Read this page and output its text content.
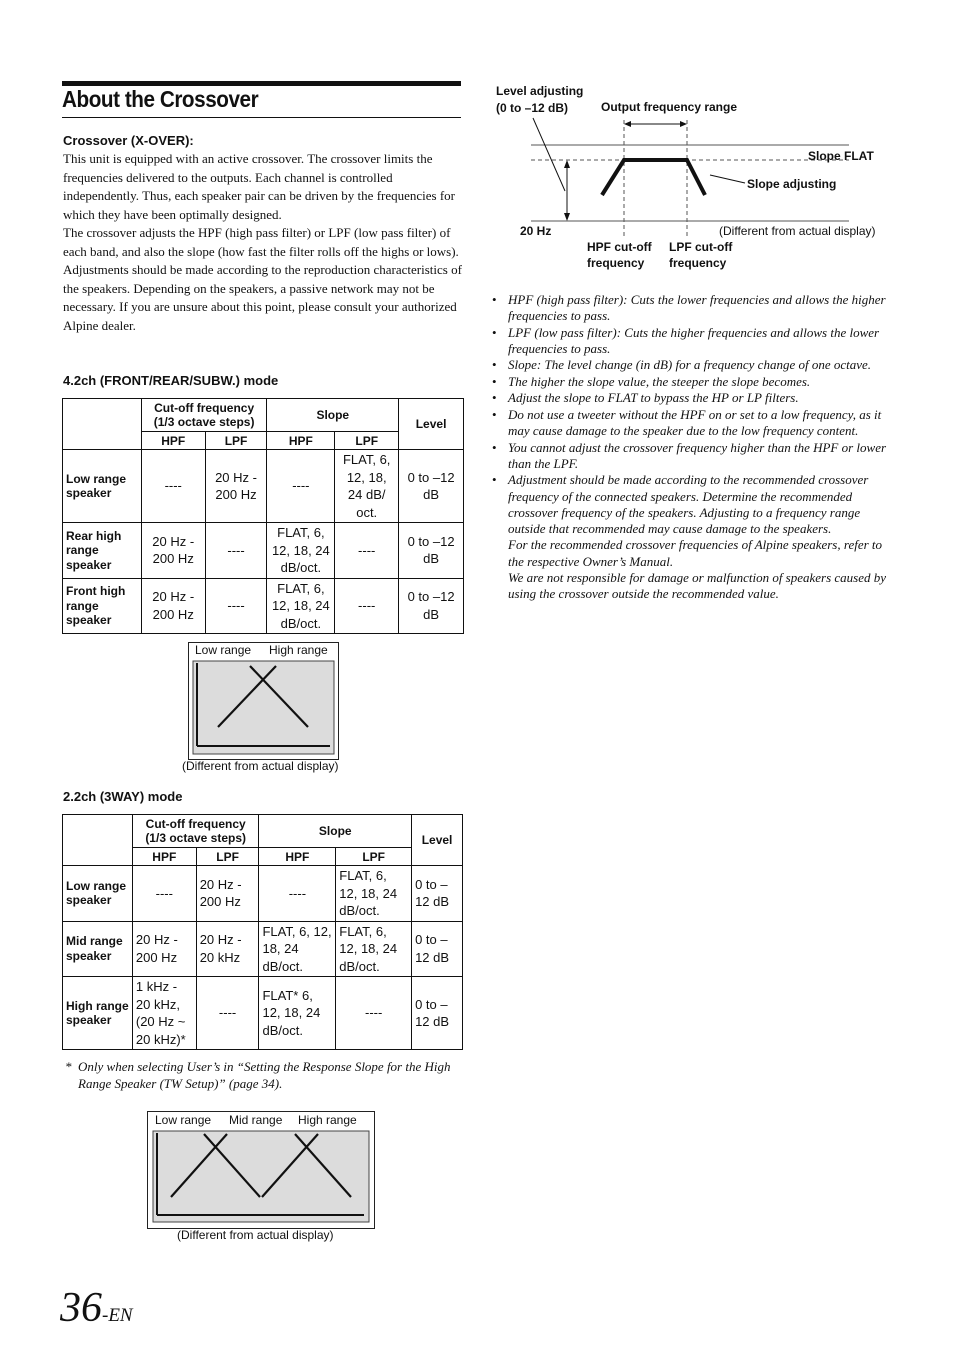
About the Crossover
Crossover (X-OVER):

This unit is equipped with an active crossover. The crossover limits the frequencies delivered to the outputs. Each channel is controlled independently. Thus, each speaker pair can be driven by the frequencies for which they have been optimally designed.

The crossover adjusts the HPF (high pass filter) or LPF (low pass filter) of each band, and also the slope (how fast the filter rolls off the highs or lows).

Adjustments should be made according to the reproduction characteristics of the speakers. Depending on the speakers, a passive network may not be necessary. If you are unsure about this point, please consult your authorized Alpine dealer.

4.2ch (FRONT/REAR/SUBW.) mode
	Cut-off frequency (1/3 octave steps)		Slope		Level
	HPF	LPF	HPF	LPF	
Low range speaker	----	20 Hz - 200 Hz	----	FLAT, 6, 12, 18, 24 dB/ oct.	0 to –12 dB
Rear high range speaker	20 Hz - 200 Hz	----	FLAT, 6, 12, 18, 24 dB/oct.	----	0 to –12 dB
Front high range speaker	20 Hz - 200 Hz	----	FLAT, 6, 12, 18, 24 dB/oct.	----	0 to –12 dB
Low range High range
(Different from actual display)
2.2ch (3WAY) mode
	Cut-off frequency (1/3 octave steps)		Slope		Level
	HPF	LPF	HPF	LPF	
Low range speaker	----	20 Hz - 200 Hz	----	FLAT, 6, 12, 18, 24 dB/oct.	0 to –12 dB
Mid range speaker	20 Hz - 200 Hz	20 Hz - 20 kHz	FLAT, 6, 12, 18, 24 dB/oct.	FLAT, 6, 12, 18, 24 dB/oct.	0 to –12 dB
High range speaker	1 kHz - 20 kHz, (20 Hz ~ 20 kHz)*	----	FLAT* 6, 12, 18, 24 dB/oct.	----	0 to –12 dB
* Only when selecting User’s in “Setting the Response Slope for the High Range Speaker (TW Setup)” (page 34).
Low range Mid range High range
(Different from actual display)
Level adjusting
(0 to –12 dB)	Output frequency range
Slope FLAT
Slope adjusting
20 Hz	(Different from actual display)
HPF cut-off
frequency
LPF cut-off
frequency
• HPF (high pass filter): Cuts the lower frequencies and allows the higher frequencies to pass.
• LPF (low pass filter): Cuts the higher frequencies and allows the lower frequencies to pass.
• Slope: The level change (in dB) for a frequency change of one octave.
• The higher the slope value, the steeper the slope becomes.
• Adjust the slope to FLAT to bypass the HP or LP filters.
• Do not use a tweeter without the HPF on or set to a low frequency, as it may cause damage to the speaker due to the low frequency content.
• You cannot adjust the crossover frequency higher than the HPF or lower than the LPF.
• Adjustment should be made according to the recommended crossover frequency of the connected speakers. Determine the recommended crossover frequency of the speakers. Adjusting to a frequency range outside that recommended may cause damage to the speakers.
For the recommended crossover frequencies of Alpine speakers, refer to the respective Owner’s Manual.
We are not responsible for damage or malfunction of speakers caused by using the crossover outside the recommended value.
36-EN
